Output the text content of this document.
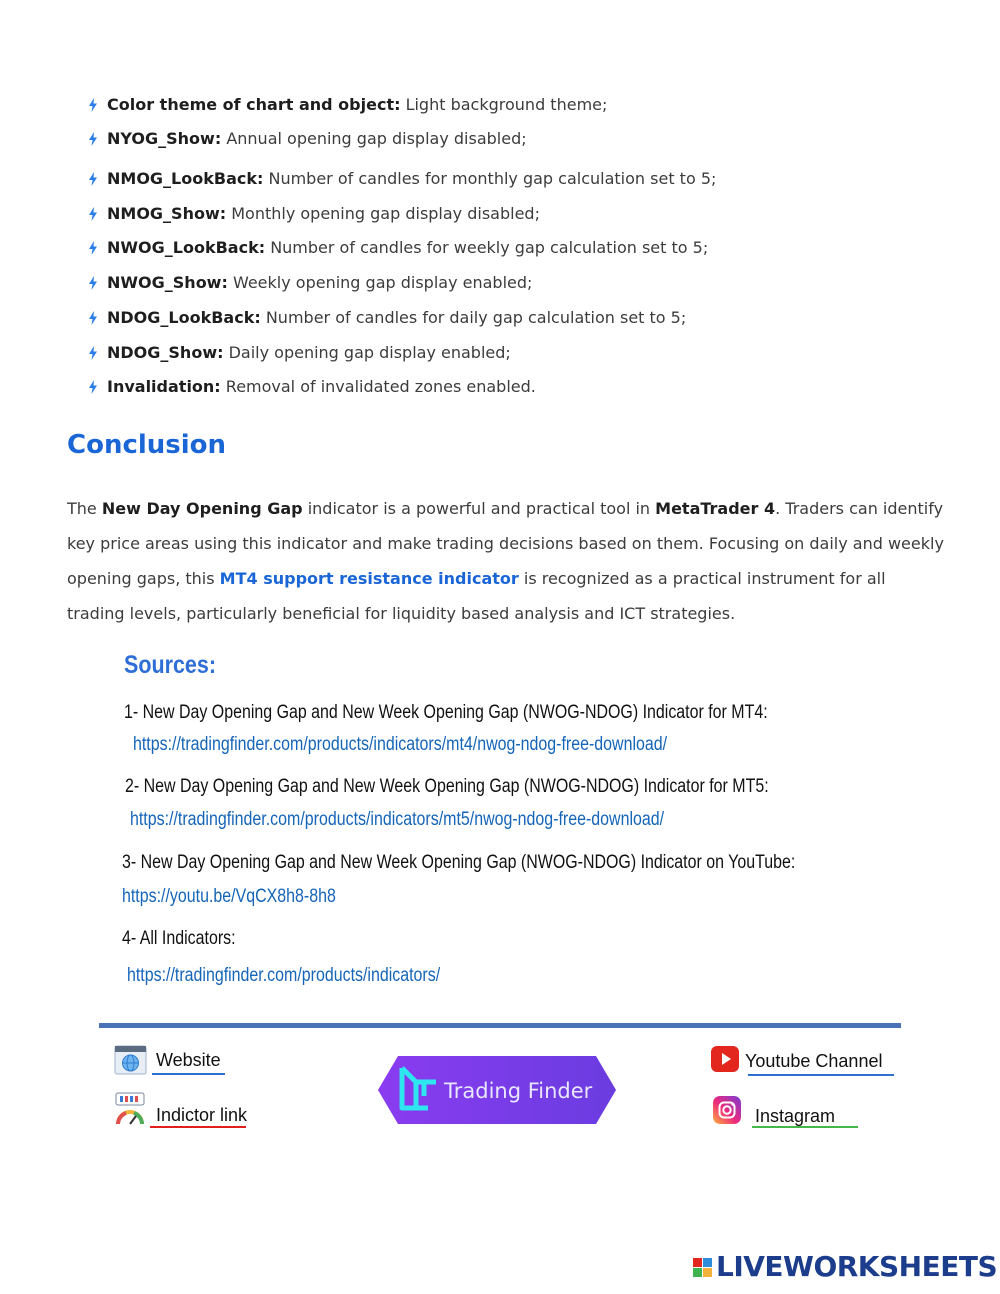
Color theme of chart and object: Light background theme;
NYOG_Show: Annual opening gap display disabled;
NMOG_LookBack: Number of candles for monthly gap calculation set to 5;
NMOG_Show: Monthly opening gap display disabled;
NWOG_LookBack: Number of candles for weekly gap calculation set to 5;
NWOG_Show: Weekly opening gap display enabled;
NDOG_LookBack: Number of candles for daily gap calculation set to 5;
NDOG_Show: Daily opening gap display enabled;
Invalidation: Removal of invalidated zones enabled.
Conclusion

The New Day Opening Gap indicator is a powerful and practical tool in MetaTrader 4. Traders can identify key price areas using this indicator and make trading decisions based on them. Focusing on daily and weekly opening gaps, this MT4 support resistance indicator is recognized as a practical instrument for all trading levels, particularly beneficial for liquidity based analysis and ICT strategies.

Sources:
1- New Day Opening Gap and New Week Opening Gap (NWOG-NDOG) Indicator for MT4:
https://tradingfinder.com/products/indicators/mt4/nwog-ndog-free-download/
2- New Day Opening Gap and New Week Opening Gap (NWOG-NDOG) Indicator for MT5:
https://tradingfinder.com/products/indicators/mt5/nwog-ndog-free-download/
3- New Day Opening Gap and New Week Opening Gap (NWOG-NDOG) Indicator on YouTube:
https://youtu.be/VqCX8h8-8h8
4- All Indicators:
https://tradingfinder.com/products/indicators/
Website
Indictor link
Trading Finder
Youtube Channel
Instagram
LIVEWORKSHEETS
